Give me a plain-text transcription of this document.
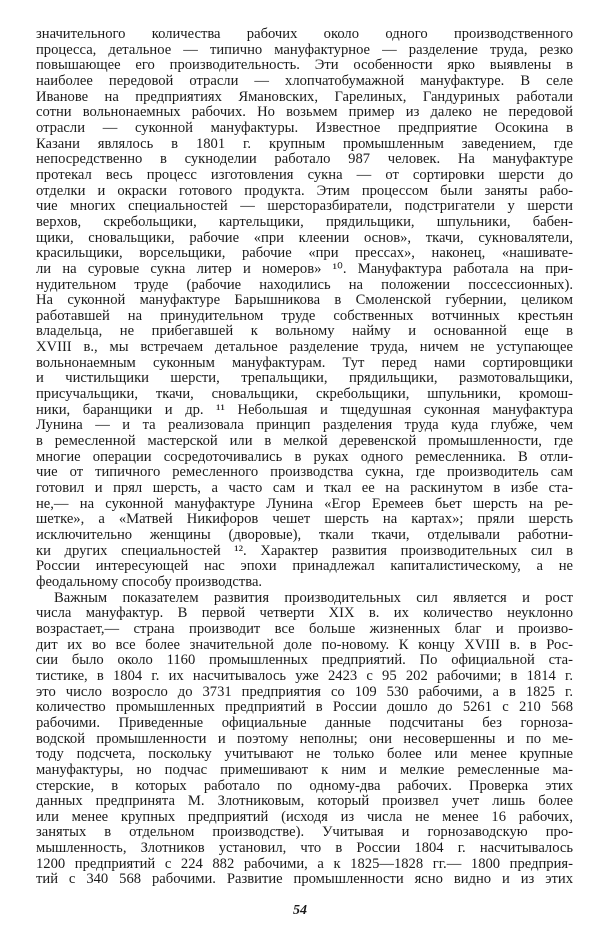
значительного количества рабочих около одного производственного
процесса, детальное — типично мануфактурное — разделение труда, резко
повышающее его производительность. Эти особенности ярко выявлены в
наиболее передовой отрасли — хлопчатобумажной мануфактуре. В селе
Иванове на предприятиях Ямановских, Гарелиных, Гандуриных работали
сотни вольнонаемных рабочих. Но возьмем пример из далеко не передовой
отрасли — суконной мануфактуры. Известное предприятие Осокина в
Казани являлось в 1801 г. крупным промышленным заведением, где
непосредственно в сукноделии работало 987 человек. На мануфактуре
протекал весь процесс изготовления сукна — от сортировки шерсти до
отделки и окраски готового продукта. Этим процессом были заняты рабо-
чие многих специальностей — шерсторазбиратели, подстригатели у шерсти
верхов, скребольщики, картельщики, прядильщики, шпульники, бабен-
щики, сновальщики, рабочие «при клеении основ», ткачи, сукновалятели,
красильщики, ворсельщики, рабочие «при прессах», наконец, «нашивате-
ли на суровые сукна литер и номеров» ¹⁰. Мануфактура работала на при-
нудительном труде (рабочие находились на положении поссессионных).
На суконной мануфактуре Барышникова в Смоленской губернии, целиком
работавшей на принудительном труде собственных вотчинных крестьян
владельца, не прибегавшей к вольному найму и основанной еще в
XVIII в., мы встречаем детальное разделение труда, ничем не уступающее
вольнонаемным суконным мануфактурам. Тут перед нами сортировщики
и чистильщики шерсти, трепальщики, прядильщики, размотовальщики,
присучальщики, ткачи, сновальщики, скребольщики, шпульники, кромош-
ники, баранщики и др. ¹¹ Небольшая и тщедушная суконная мануфактура
Лунина — и та реализовала принцип разделения труда куда глубже, чем
в ремесленной мастерской или в мелкой деревенской промышленности, где
многие операции сосредоточивались в руках одного ремесленника. В отли-
чие от типичного ремесленного производства сукна, где производитель сам
готовил и прял шерсть, а часто сам и ткал ее на раскинутом в избе ста-
не,— на суконной мануфактуре Лунина «Егор Еремеев бьет шерсть на ре-
шетке», а «Матвей Никифоров чешет шерсть на картах»; пряли шерсть
исключительно женщины (дворовые), ткали ткачи, отделывали работни-
ки других специальностей ¹². Характер развития производительных сил в
России интересующей нас эпохи принадлежал капиталистическому, а не
феодальному способу производства.
Важным показателем развития производительных сил является и рост
числа мануфактур. В первой четверти XIX в. их количество неуклонно
возрастает,— страна производит все больше жизненных благ и произво-
дит их во все более значительной доле по-новому. К концу XVIII в. в Рос-
сии было около 1160 промышленных предприятий. По официальной ста-
тистике, в 1804 г. их насчитывалось уже 2423 с 95 202 рабочими; в 1814 г.
это число возросло до 3731 предприятия со 109 530 рабочими, а в 1825 г.
количество промышленных предприятий в России дошло до 5261 с 210 568
рабочими. Приведенные официальные данные подсчитаны без горноза-
водской промышленности и поэтому неполны; они несовершенны и по ме-
тоду подсчета, поскольку учитывают не только более или менее крупные
мануфактуры, но подчас примешивают к ним и мелкие ремесленные ма-
стерские, в которых работало по одному-два рабочих. Проверка этих
данных предпринята М. Злотниковым, который произвел учет лишь более
или менее крупных предприятий (исходя из числа не менее 16 рабочих,
занятых в отдельном производстве). Учитывая и горнозаводскую про-
мышленность, Злотников установил, что в России 1804 г. насчитывалось
1200 предприятий с 224 882 рабочими, а к 1825—1828 гг.— 1800 предприя-
тий с 340 568 рабочими. Развитие промышленности ясно видно и из этих
54
